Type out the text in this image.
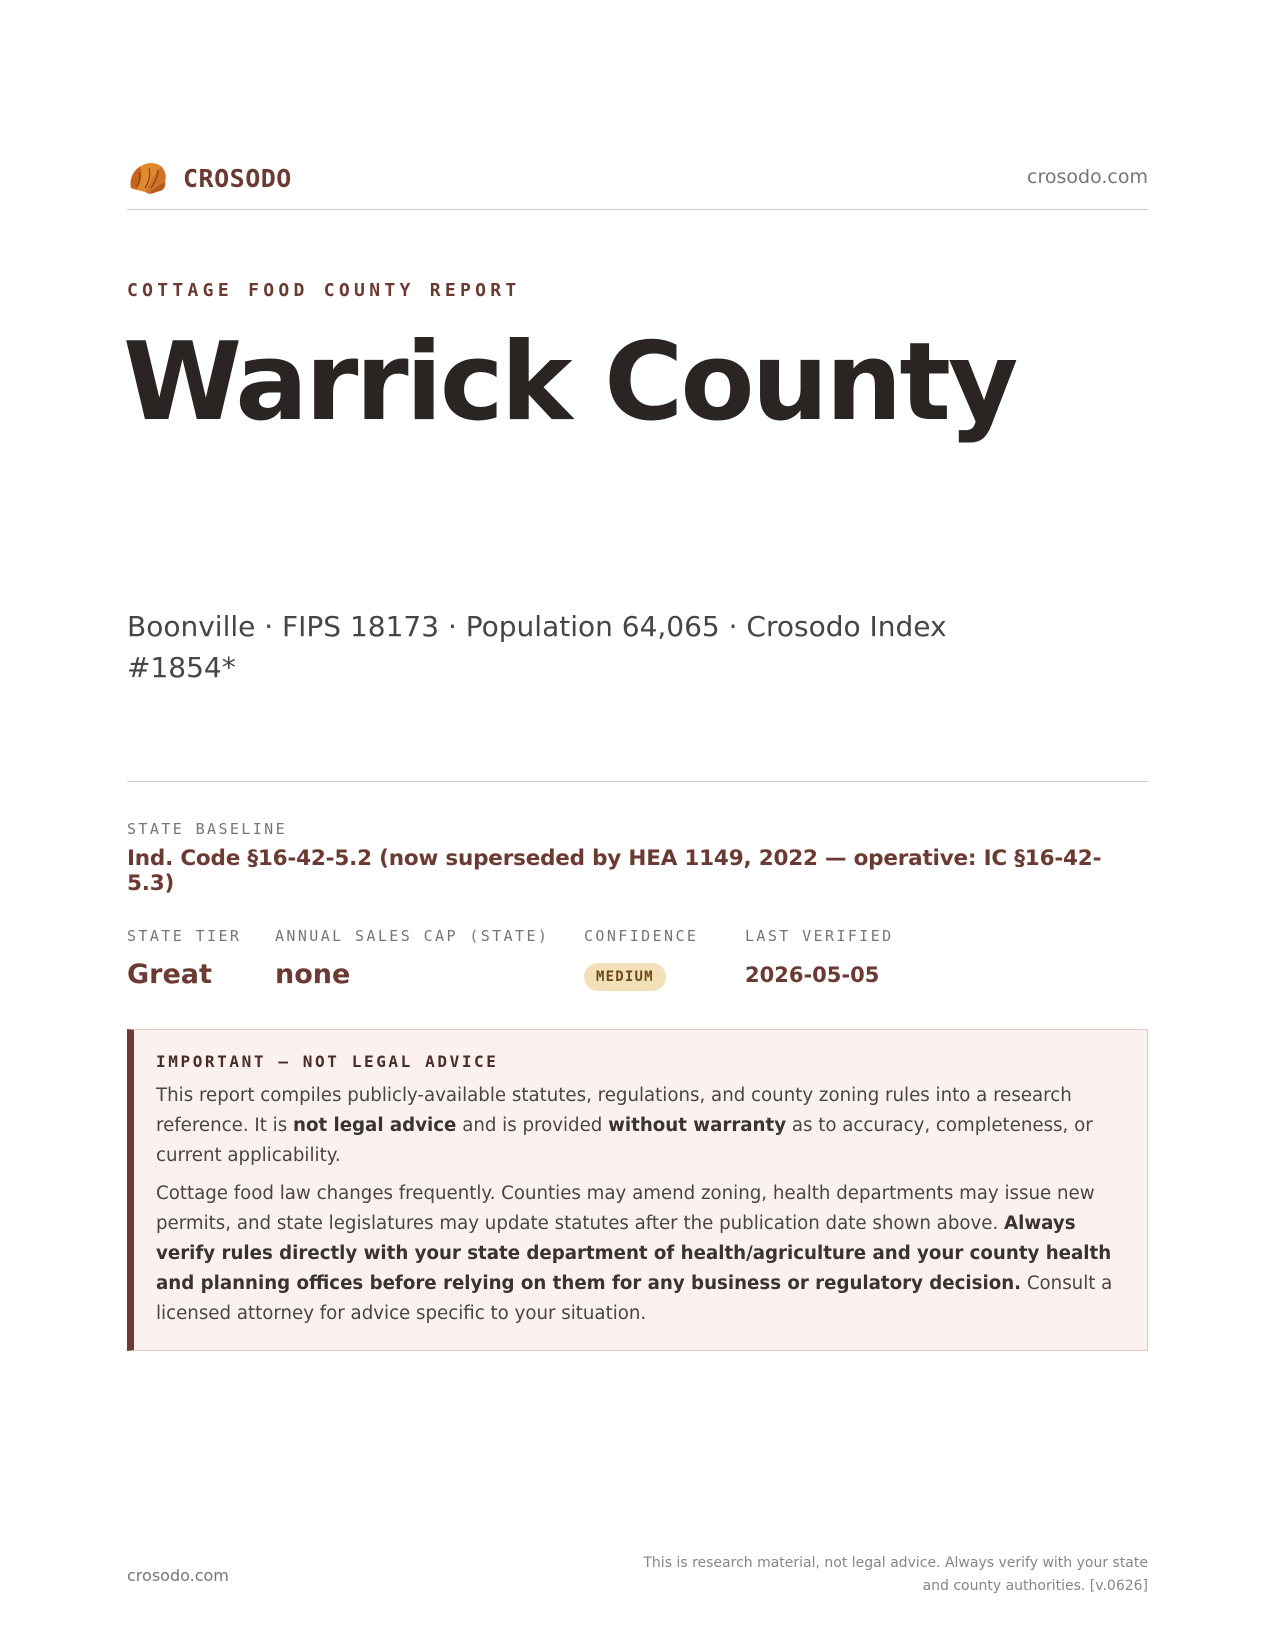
CROSODO	crosodo.com
COTTAGE FOOD COUNTY REPORT
Warrick County
Boonville · FIPS 18173 · Population 64,065 · Crosodo Index #1854*
STATE BASELINE
Ind. Code §16-42-5.2 (now superseded by HEA 1149, 2022 — operative: IC §16-42-5.3)
STATE TIER
Great
ANNUAL SALES CAP (STATE)
none
CONFIDENCE
MEDIUM
LAST VERIFIED
2026-05-05
IMPORTANT — NOT LEGAL ADVICE

This report compiles publicly-available statutes, regulations, and county zoning rules into a research reference. It is not legal advice and is provided without warranty as to accuracy, completeness, or current applicability.

Cottage food law changes frequently. Counties may amend zoning, health departments may issue new permits, and state legislatures may update statutes after the publication date shown above. Always verify rules directly with your state department of health/agriculture and your county health and planning offices before relying on them for any business or regulatory decision. Consult a licensed attorney for advice specific to your situation.

crosodo.com
This is research material, not legal advice. Always verify with your state and county authorities. [v.0626]
